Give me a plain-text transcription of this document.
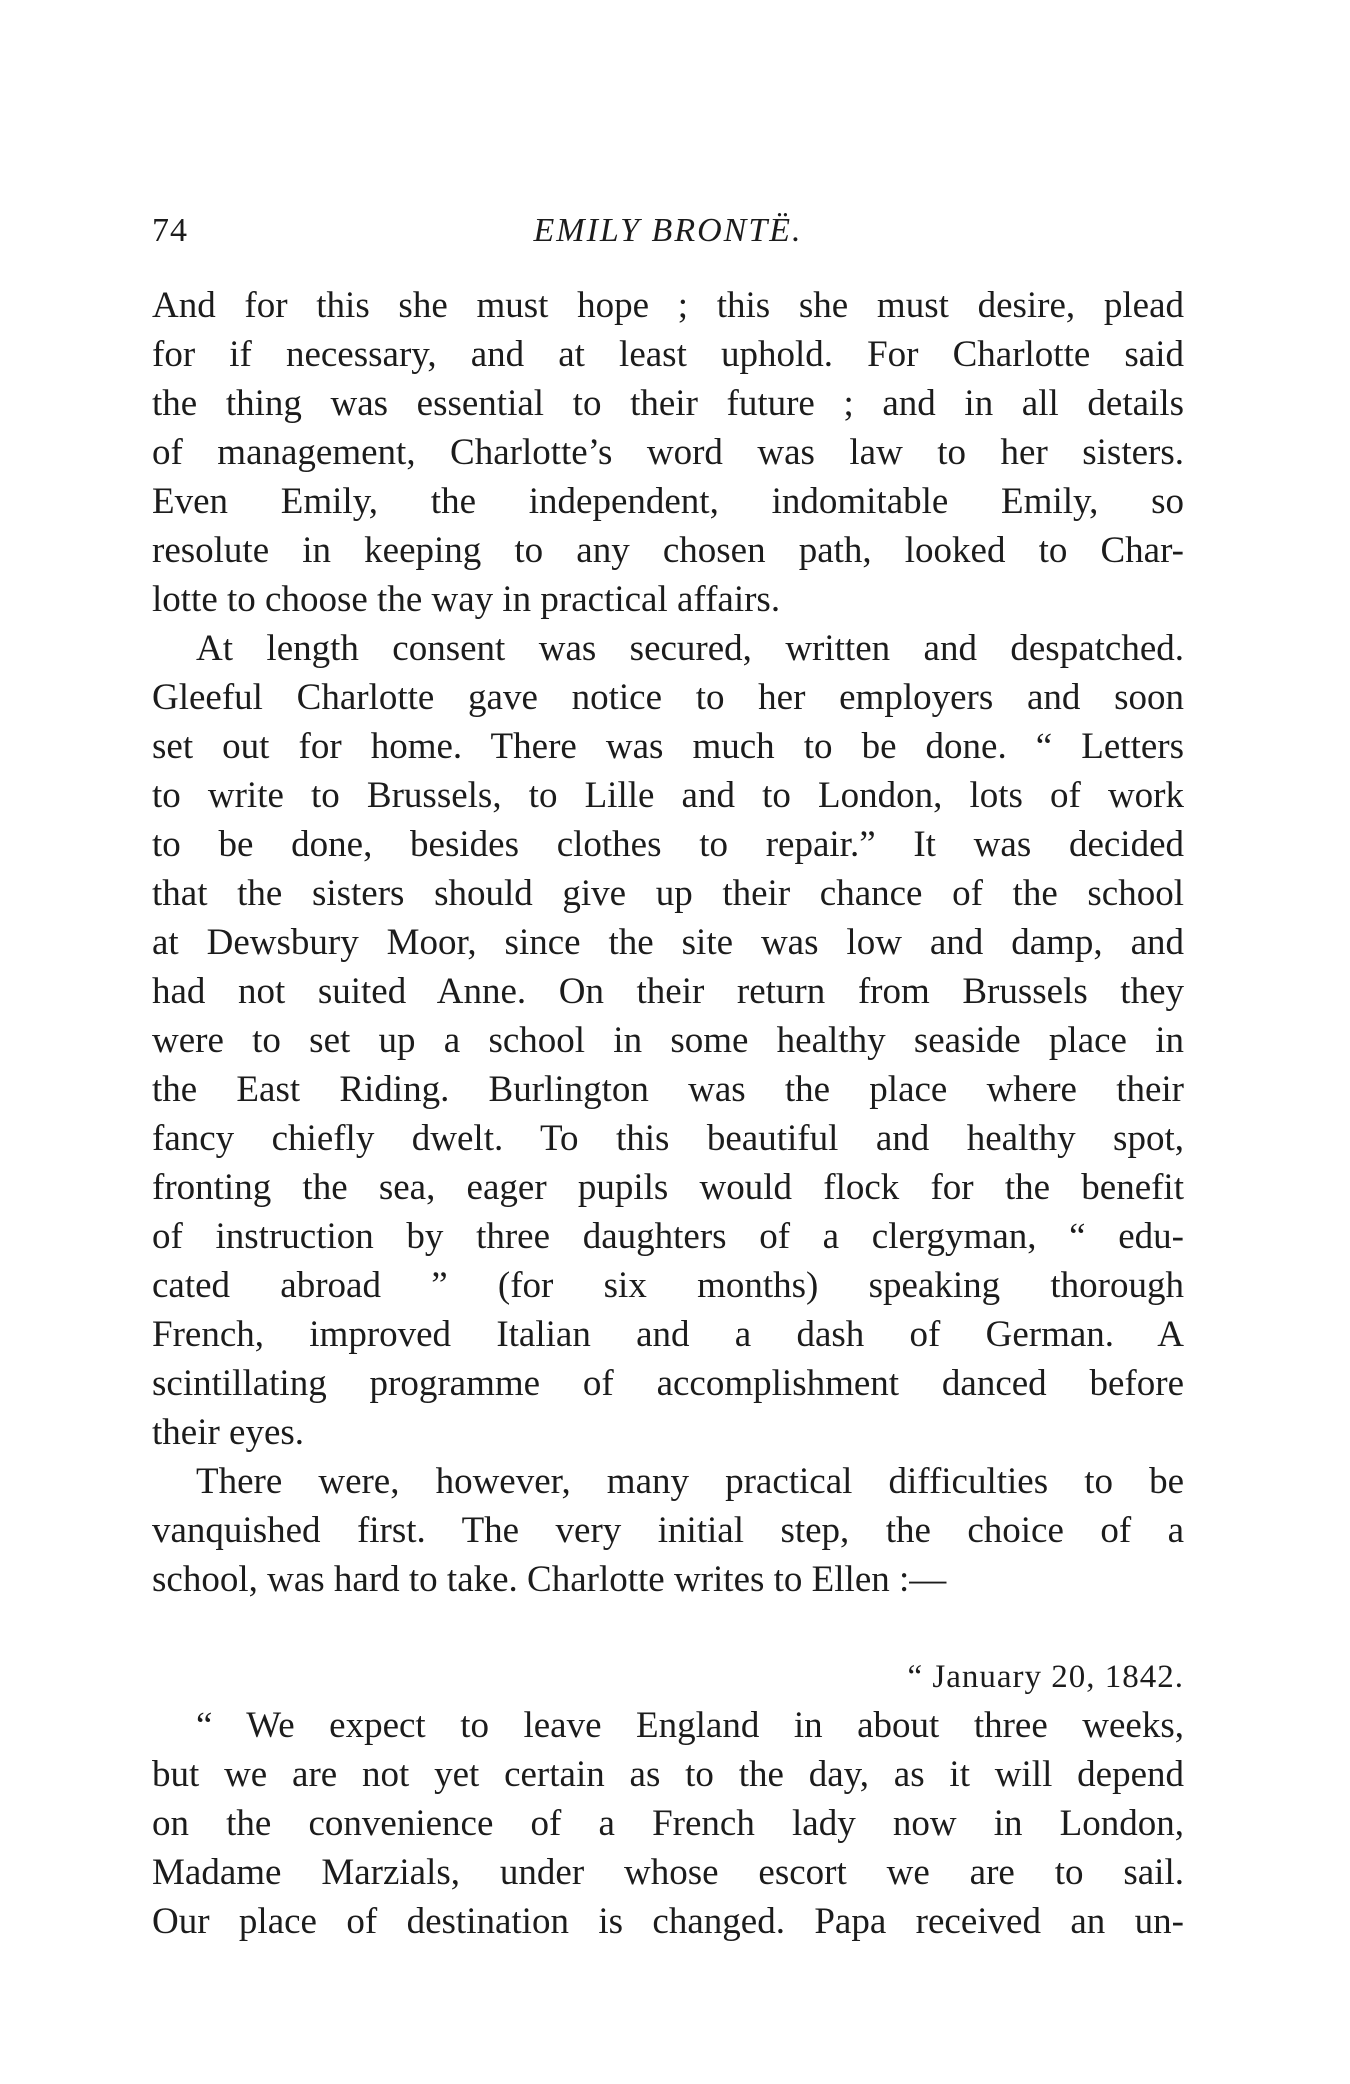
74	EMILY BRONTË.
And for this she must hope ; this she must desire, plead
for if necessary, and at least uphold. For Charlotte said
the thing was essential to their future ; and in all details
of management, Charlotte’s word was law to her sisters.
Even Emily, the independent, indomitable Emily, so
resolute in keeping to any chosen path, looked to Char-
lotte to choose the way in practical affairs.
At length consent was secured, written and despatched.
Gleeful Charlotte gave notice to her employers and soon
set out for home. There was much to be done. “ Letters
to write to Brussels, to Lille and to London, lots of work
to be done, besides clothes to repair.” It was decided
that the sisters should give up their chance of the school
at Dewsbury Moor, since the site was low and damp, and
had not suited Anne. On their return from Brussels they
were to set up a school in some healthy seaside place in
the East Riding. Burlington was the place where their
fancy chiefly dwelt. To this beautiful and healthy spot,
fronting the sea, eager pupils would flock for the benefit
of instruction by three daughters of a clergyman, “ edu-
cated abroad ” (for six months) speaking thorough
French, improved Italian and a dash of German. A
scintillating programme of accomplishment danced before
their eyes.
There were, however, many practical difficulties to be
vanquished first. The very initial step, the choice of a
school, was hard to take. Charlotte writes to Ellen :—
“ January 20, 1842.
“ We expect to leave England in about three weeks,
but we are not yet certain as to the day, as it will depend
on the convenience of a French lady now in London,
Madame Marzials, under whose escort we are to sail.
Our place of destination is changed. Papa received an un-
